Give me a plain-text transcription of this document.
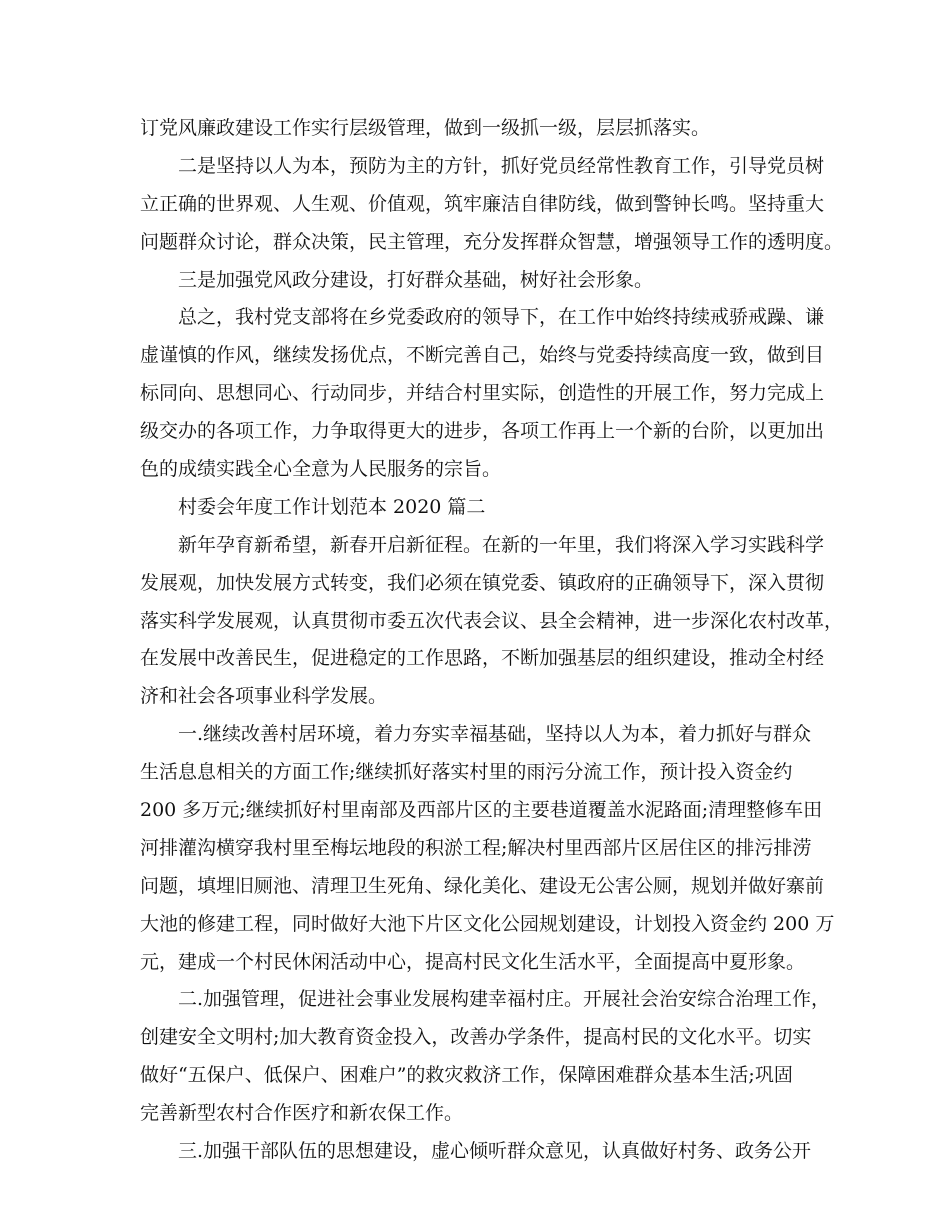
订党风廉政建设工作实行层级管理，做到一级抓一级，层层抓落实。
二是坚持以人为本，预防为主的方针，抓好党员经常性教育工作，引导党员树
立正确的世界观、人生观、价值观，筑牢廉洁自律防线，做到警钟长鸣。坚持重大
问题群众讨论，群众决策，民主管理，充分发挥群众智慧，增强领导工作的透明度。
三是加强党风政分建设，打好群众基础，树好社会形象。
总之，我村党支部将在乡党委政府的领导下，在工作中始终持续戒骄戒躁、谦
虚谨慎的作风，继续发扬优点，不断完善自己，始终与党委持续高度一致，做到目
标同向、思想同心、行动同步，并结合村里实际，创造性的开展工作，努力完成上
级交办的各项工作，力争取得更大的进步，各项工作再上一个新的台阶，以更加出
色的成绩实践全心全意为人民服务的宗旨。
村委会年度工作计划范本 2020 篇二
新年孕育新希望，新春开启新征程。在新的一年里，我们将深入学习实践科学
发展观，加快发展方式转变，我们必须在镇党委、镇政府的正确领导下，深入贯彻
落实科学发展观，认真贯彻市委五次代表会议、县全会精神，进一步深化农村改革，
在发展中改善民生，促进稳定的工作思路，不断加强基层的组织建设，推动全村经
济和社会各项事业科学发展。
一.继续改善村居环境，着力夯实幸福基础，坚持以人为本，着力抓好与群众
生活息息相关的方面工作;继续抓好落实村里的雨污分流工作，预计投入资金约
200 多万元;继续抓好村里南部及西部片区的主要巷道覆盖水泥路面;清理整修车田
河排灌沟横穿我村里至梅坛地段的积淤工程;解决村里西部片区居住区的排污排涝
问题，填埋旧厕池、清理卫生死角、绿化美化、建设无公害公厕，规划并做好寨前
大池的修建工程，同时做好大池下片区文化公园规划建设，计划投入资金约 200 万
元，建成一个村民休闲活动中心，提高村民文化生活水平，全面提高中夏形象。
二.加强管理，促进社会事业发展构建幸福村庄。开展社会治安综合治理工作，
创建安全文明村;加大教育资金投入，改善办学条件，提高村民的文化水平。切实
做好“五保户、低保户、困难户”的救灾救济工作，保障困难群众基本生活;巩固
完善新型农村合作医疗和新农保工作。
三.加强干部队伍的思想建设，虚心倾听群众意见，认真做好村务、政务公开
